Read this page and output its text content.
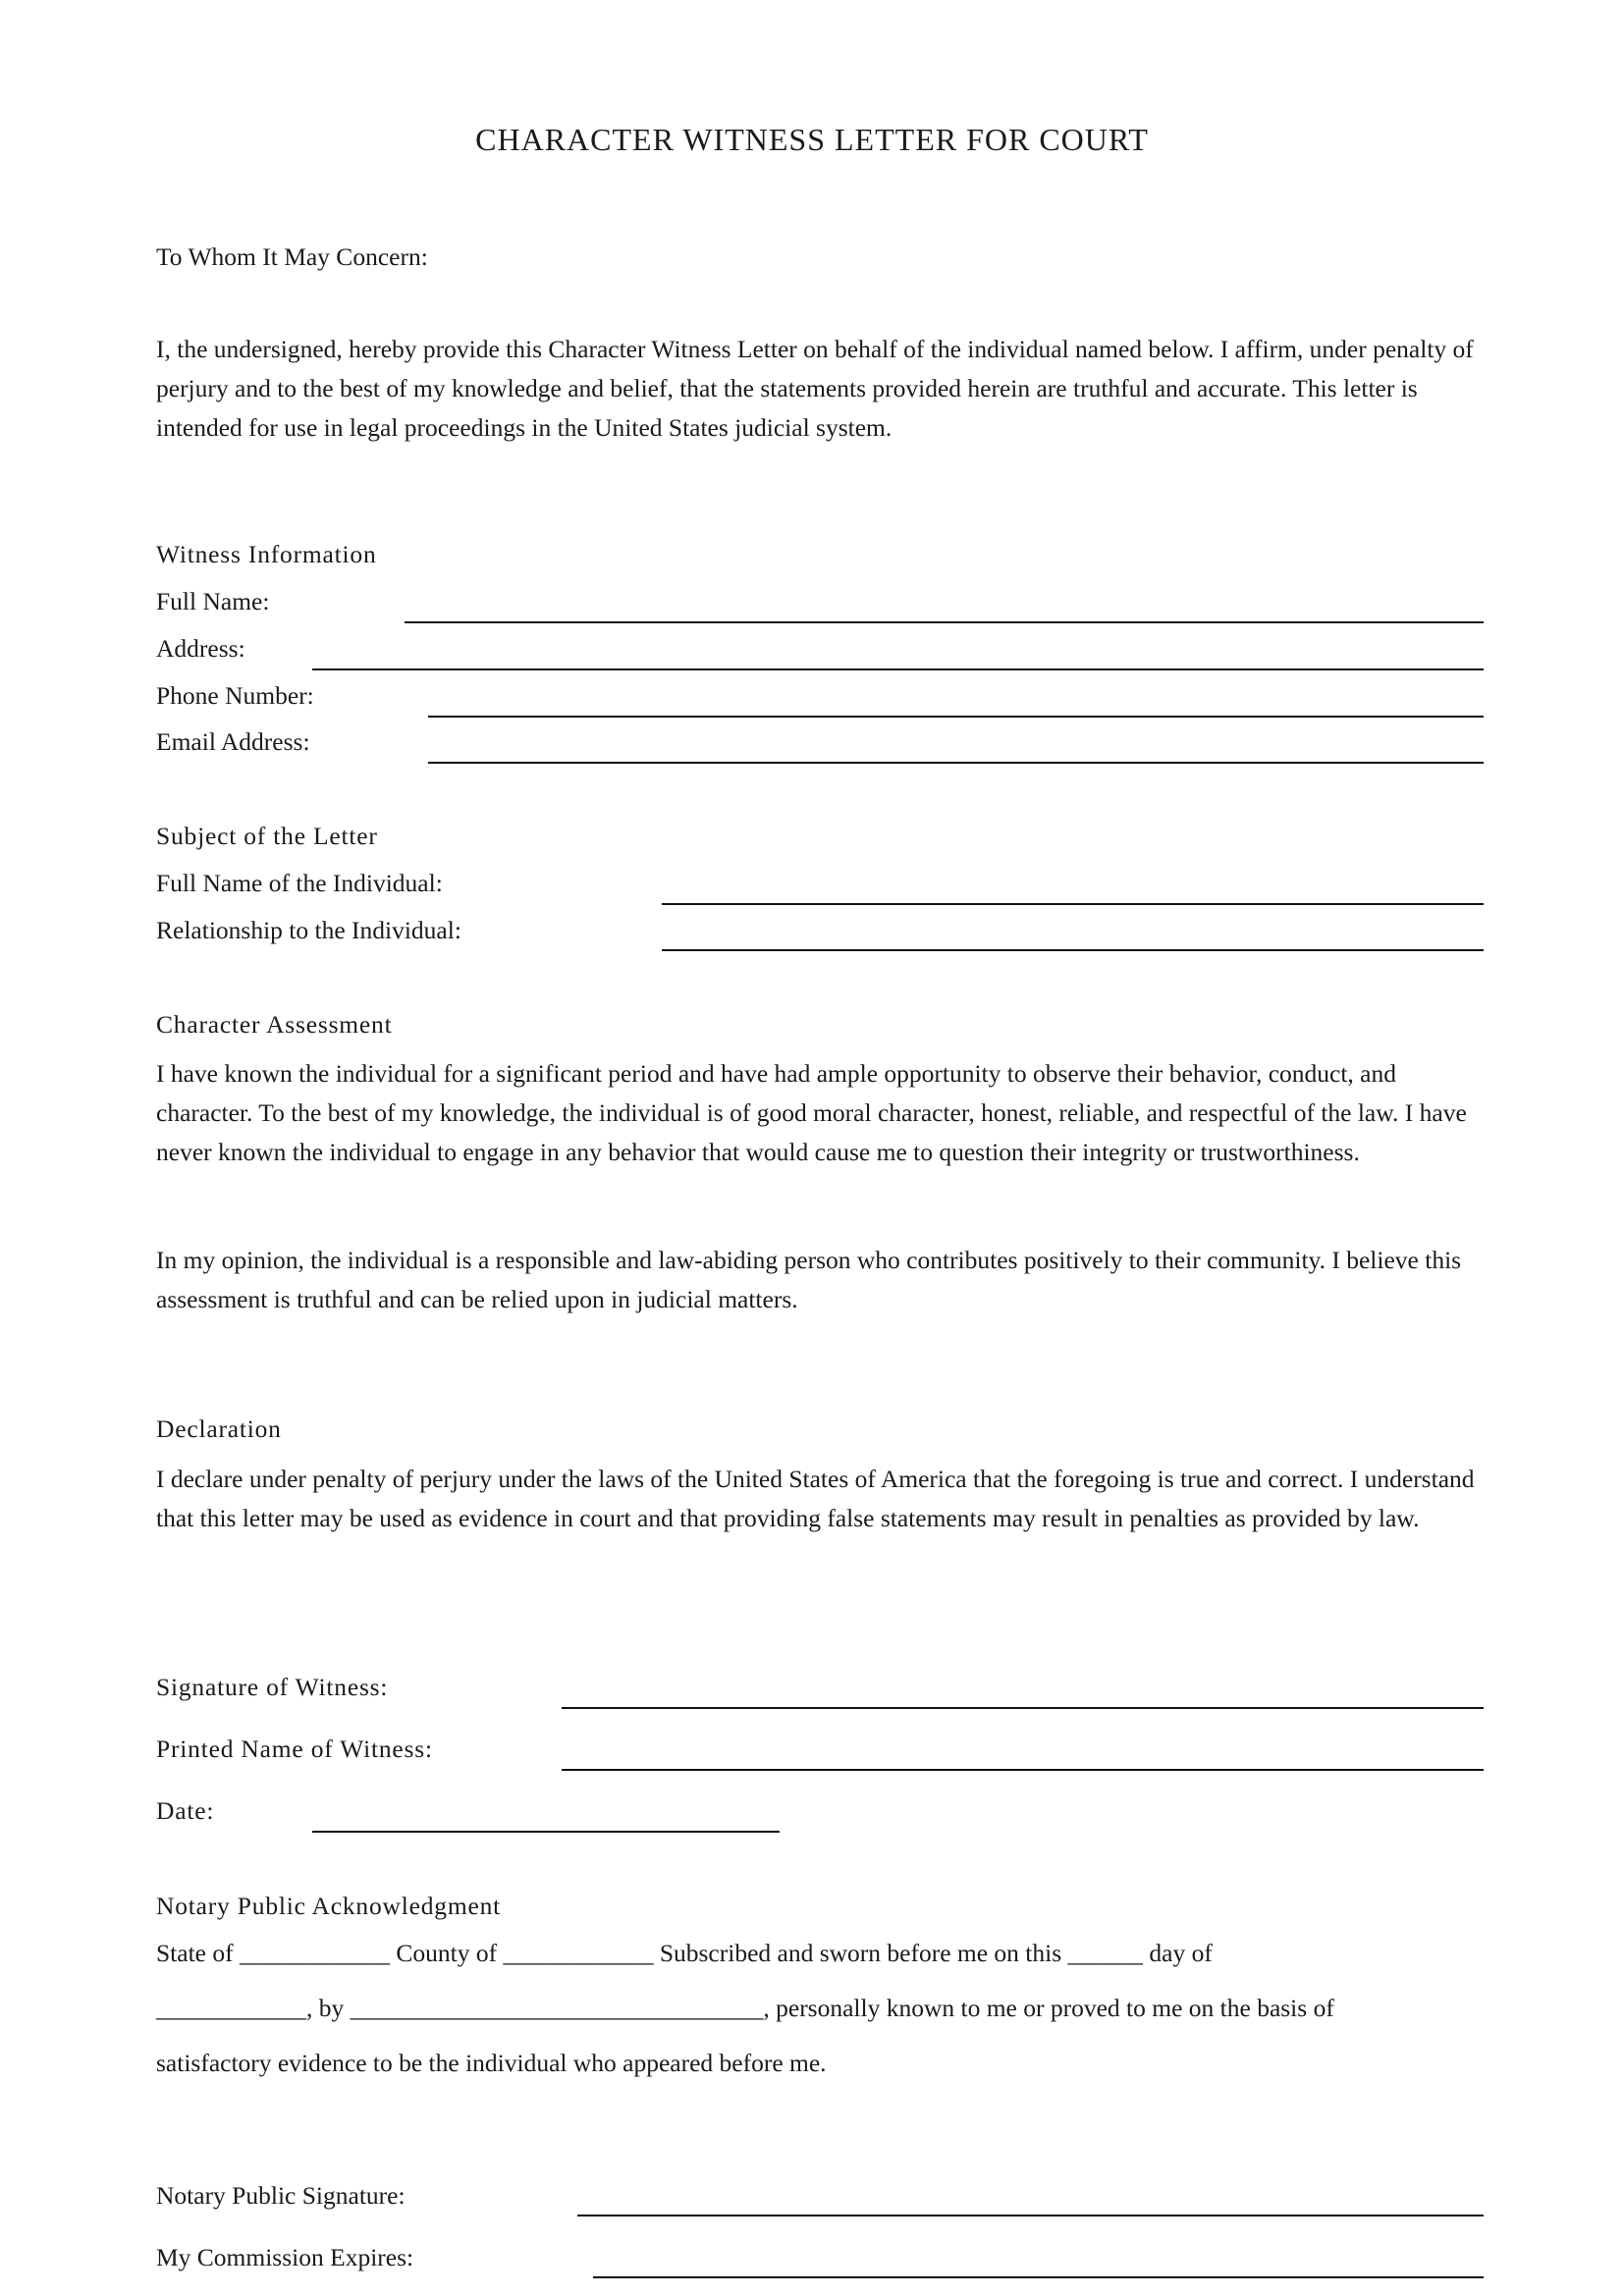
CHARACTER WITNESS LETTER FOR COURT
To Whom It May Concern:
I, the undersigned, hereby provide this Character Witness Letter on behalf of the individual named below. I affirm, under penalty of perjury and to the best of my knowledge and belief, that the statements provided herein are truthful and accurate. This letter is intended for use in legal proceedings in the United States judicial system.
Witness Information
Full Name:
Address:
Phone Number:
Email Address:
Subject of the Letter
Full Name of the Individual:
Relationship to the Individual:
Character Assessment
I have known the individual for a significant period and have had ample opportunity to observe their behavior, conduct, and character. To the best of my knowledge, the individual is of good moral character, honest, reliable, and respectful of the law. I have never known the individual to engage in any behavior that would cause me to question their integrity or trustworthiness.
In my opinion, the individual is a responsible and law-abiding person who contributes positively to their community. I believe this assessment is truthful and can be relied upon in judicial matters.
Declaration
I declare under penalty of perjury under the laws of the United States of America that the foregoing is true and correct. I understand that this letter may be used as evidence in court and that providing false statements may result in penalties as provided by law.
Signature of Witness:
Printed Name of Witness:
Date:
Notary Public Acknowledgment
State of ____________ County of ____________ Subscribed and sworn before me on this ______ day of
____________, by _________________________________, personally known to me or proved to me on the basis of
satisfactory evidence to be the individual who appeared before me.
Notary Public Signature:
My Commission Expires:
